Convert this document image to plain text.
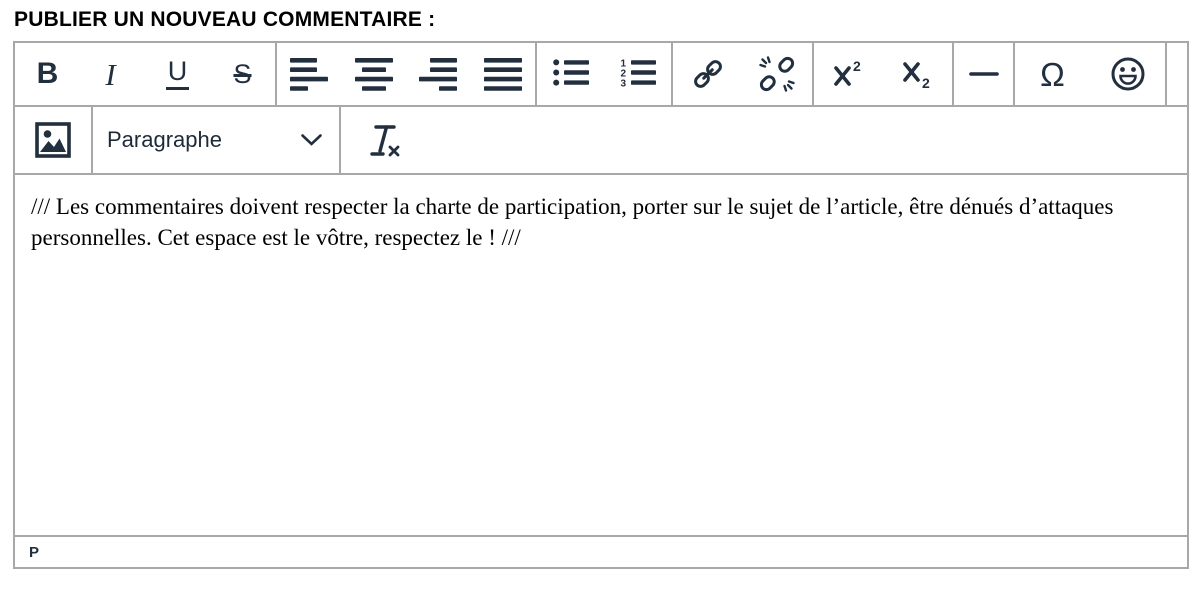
PUBLIER UN NOUVEAU COMMENTAIRE :
B I U S	1
2
3
2
2	Ω
Paragraphe

/// Les commentaires doivent respecter la charte de participation, porter sur le sujet de l’article, être dénués d’attaques personnelles. Cet espace est le vôtre, respectez le ! ///

P
